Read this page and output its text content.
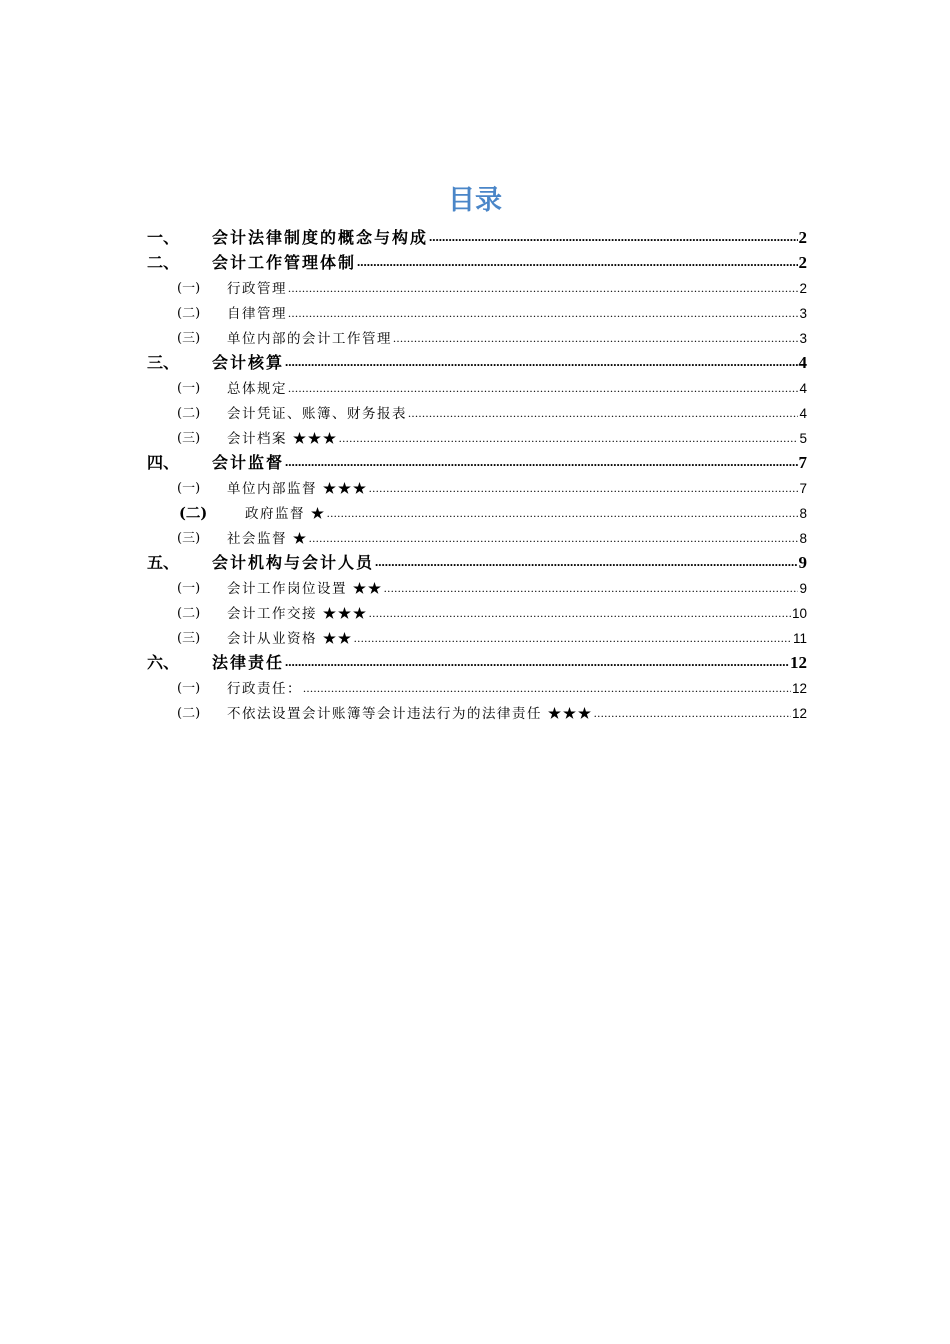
目录
一、	会计法律制度的概念与构成 .....	2
二、	会计工作管理体制 .....	2
(一)	行政管理 .....	2
(二)	自律管理 .....	3
(三)	单位内部的会计工作管理 .....	3
三、	会计核算 .....	4
(一)	总体规定 .....	4
(二)	会计凭证、账簿、财务报表 .....	4
(三)	会计档案 ★★★ .....	5
四、	会计监督 .....	7
(一)	单位内部监督 ★★★ .....	7
(二)	政府监督 ★ .....	8
(三)	社会监督 ★ .....	8
五、	会计机构与会计人员 .....	9
(一)	会计工作岗位设置 ★★ .....	9
(二)	会计工作交接 ★★★ .....	10
(三)	会计从业资格 ★★ .....	11
六、	法律责任 .....	12
(一)	行政责任： .....	12
(二)	不依法设置会计账簿等会计违法行为的法律责任 ★★★ .....	12
